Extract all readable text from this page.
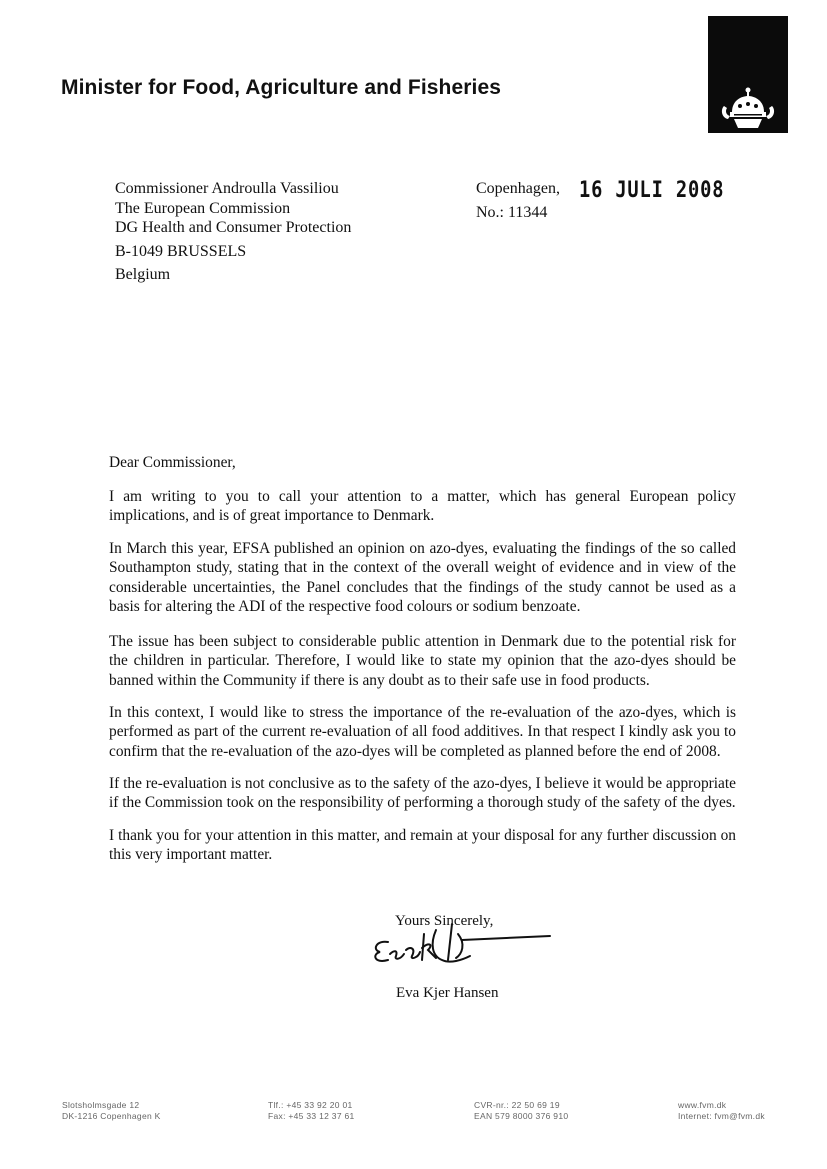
Minister for Food, Agriculture and Fisheries
Commissioner Androulla Vassiliou
The European Commission
DG Health and Consumer Protection
B-1049 BRUSSELS
Belgium
Copenhagen, 16 JULI 2008
No.: 11344
Dear Commissioner,
I am writing to you to call your attention to a matter, which has general European policy implications, and is of great importance to Denmark.
In March this year, EFSA published an opinion on azo-dyes, evaluating the findings of the so called Southampton study, stating that in the context of the overall weight of evidence and in view of the considerable uncertainties, the Panel concludes that the findings of the study cannot be used as a basis for altering the ADI of the respective food colours or sodium benzoate.
The issue has been subject to considerable public attention in Denmark due to the potential risk for the children in particular. Therefore, I would like to state my opinion that the azo-dyes should be banned within the Community if there is any doubt as to their safe use in food products.
In this context, I would like to stress the importance of the re-evaluation of the azo-dyes, which is performed as part of the current re-evaluation of all food additives. In that respect I kindly ask you to confirm that the re-evaluation of the azo-dyes will be completed as planned before the end of 2008.
If the re-evaluation is not conclusive as to the safety of the azo-dyes, I believe it would be appropriate if the Commission took on the responsibility of performing a thorough study of the safety of the dyes.
I thank you for your attention in this matter, and remain at your disposal for any further discussion on this very important matter.
Yours Sincerely,
Eva Kjer Hansen
Slotsholmsgade 12
DK-1216 Copenhagen K
Tlf.: +45 33 92 20 01
Fax: +45 33 12 37 61
CVR-nr.: 22 50 69 19
EAN 579 8000 376 910
www.fvm.dk
Internet: fvm@fvm.dk
